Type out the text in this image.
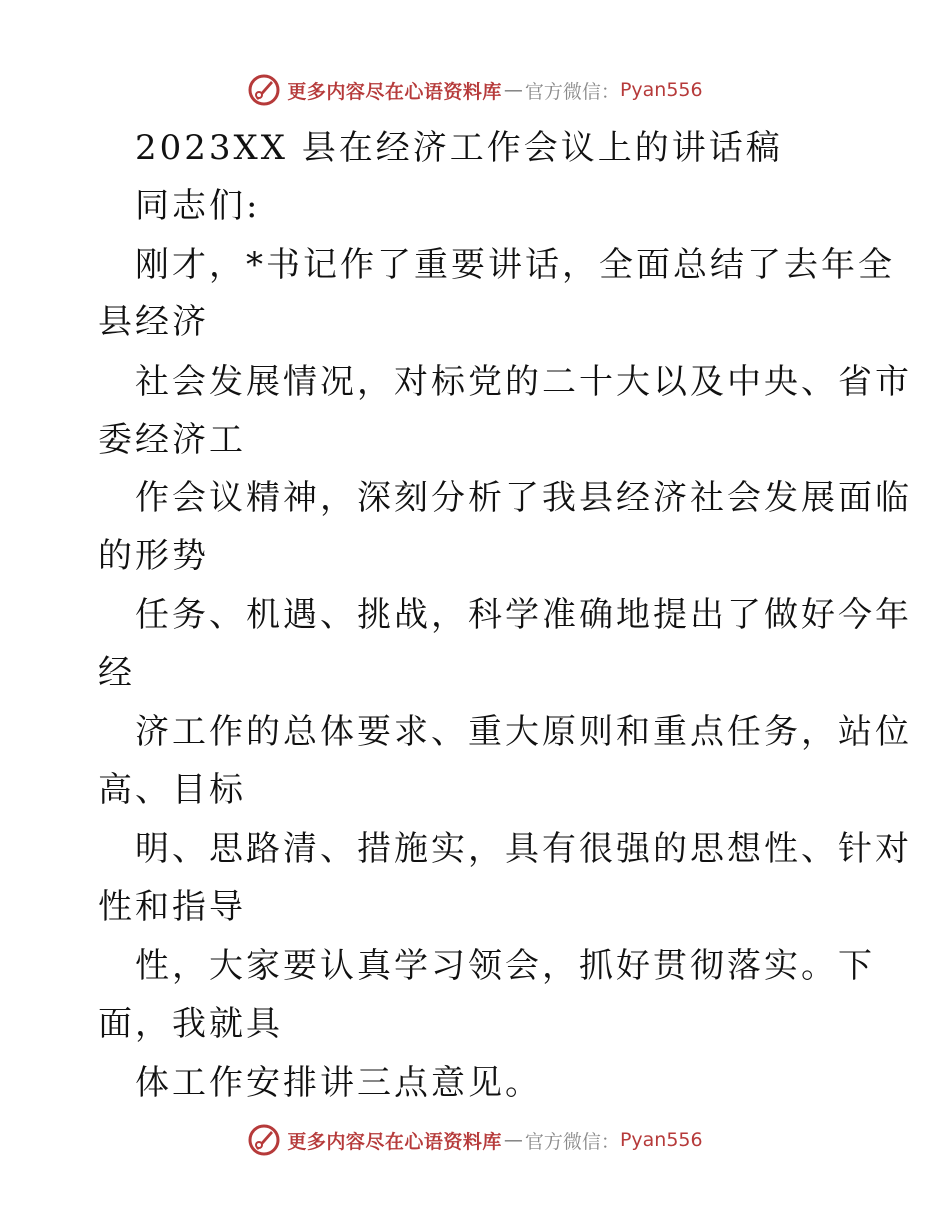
更多内容尽在心语资料库 — 官方微信： Pyan556
2023XX 县在经济工作会议上的讲话稿
同志们:
刚才，*书记作了重要讲话，全面总结了去年全
县经济
社会发展情况，对标党的二十大以及中央、省市
委经济工
作会议精神，深刻分析了我县经济社会发展面临
的形势
任务、机遇、挑战，科学准确地提出了做好今年
经
济工作的总体要求、重大原则和重点任务，站位
高、目标
明、思路清、措施实，具有很强的思想性、针对
性和指导
性，大家要认真学习领会，抓好贯彻落实。下
面，我就具
体工作安排讲三点意见。
更多内容尽在心语资料库 — 官方微信： Pyan556
